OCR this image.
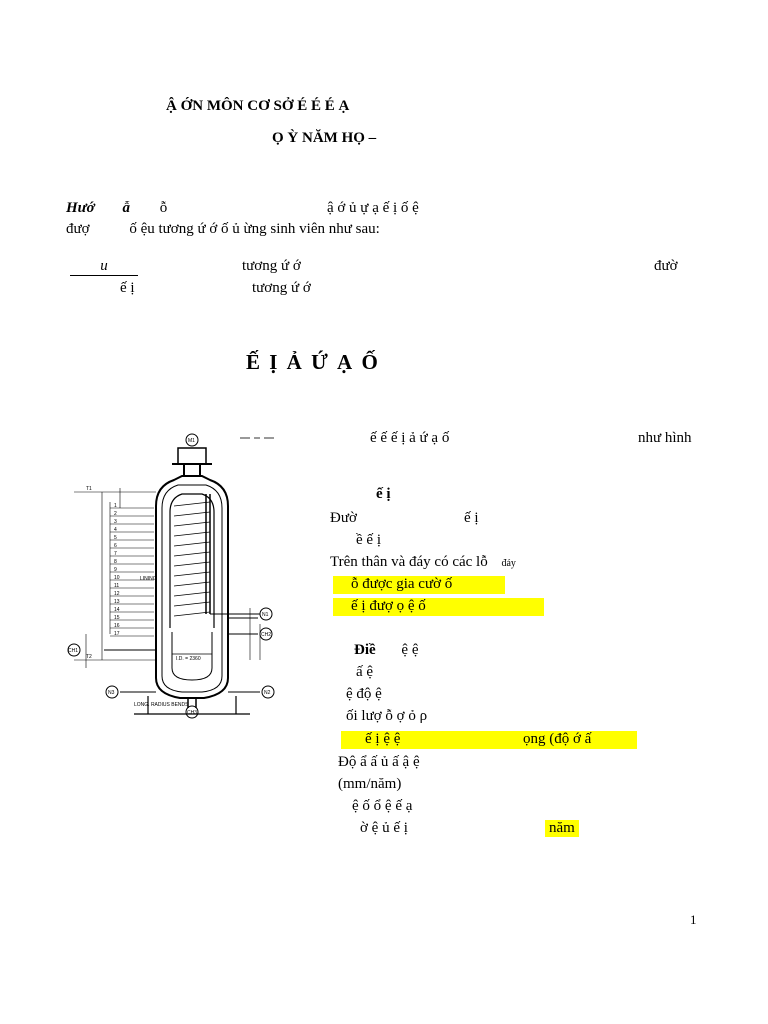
Ậ ỚN MÔN CƠ SỞ É É É Ạ
Ọ Ỳ NĂM HỌ –
Hướ ẫ ỗ	ậ ớ ủ ự ạ ế ị ố ệ
đượ	ố ệu tương ứ ớ ố ủ ừng sinh viên như sau:
u	tương ứ ớ	đườ
ế ị	tương ứ ớ
Ế Ị Ả Ứ Ạ Ố
M1
T1
T2
CH1
N1
CH2
N3	N2
CH3
LINING
I.D. = 2360
LONG. RADIUS BENDS
1
2
3
4
5
6
7
8
9
10
11
12
13
14
15
16
17
ế ế ế ị ả ứ ạ ố	như hình
ế ị
Đườ	ế ị
ề ế ị
Trên thân và đáy có các lỗ đáy
ỗ được gia cườ ố
ế ị đượ ọ ệ ố
Điề ệ ệ
ấ ệ
ệ độ ệ
ối lượ ỗ ợ ỏ ρ
ế ị ệ ệ	ọng (độ ớ ấ
Độ ẩ ấ ủ ấ ậ ệ
(mm/năm)
ệ ố ổ ệ ế ạ
ờ ệ ủ ế ị	năm
1
